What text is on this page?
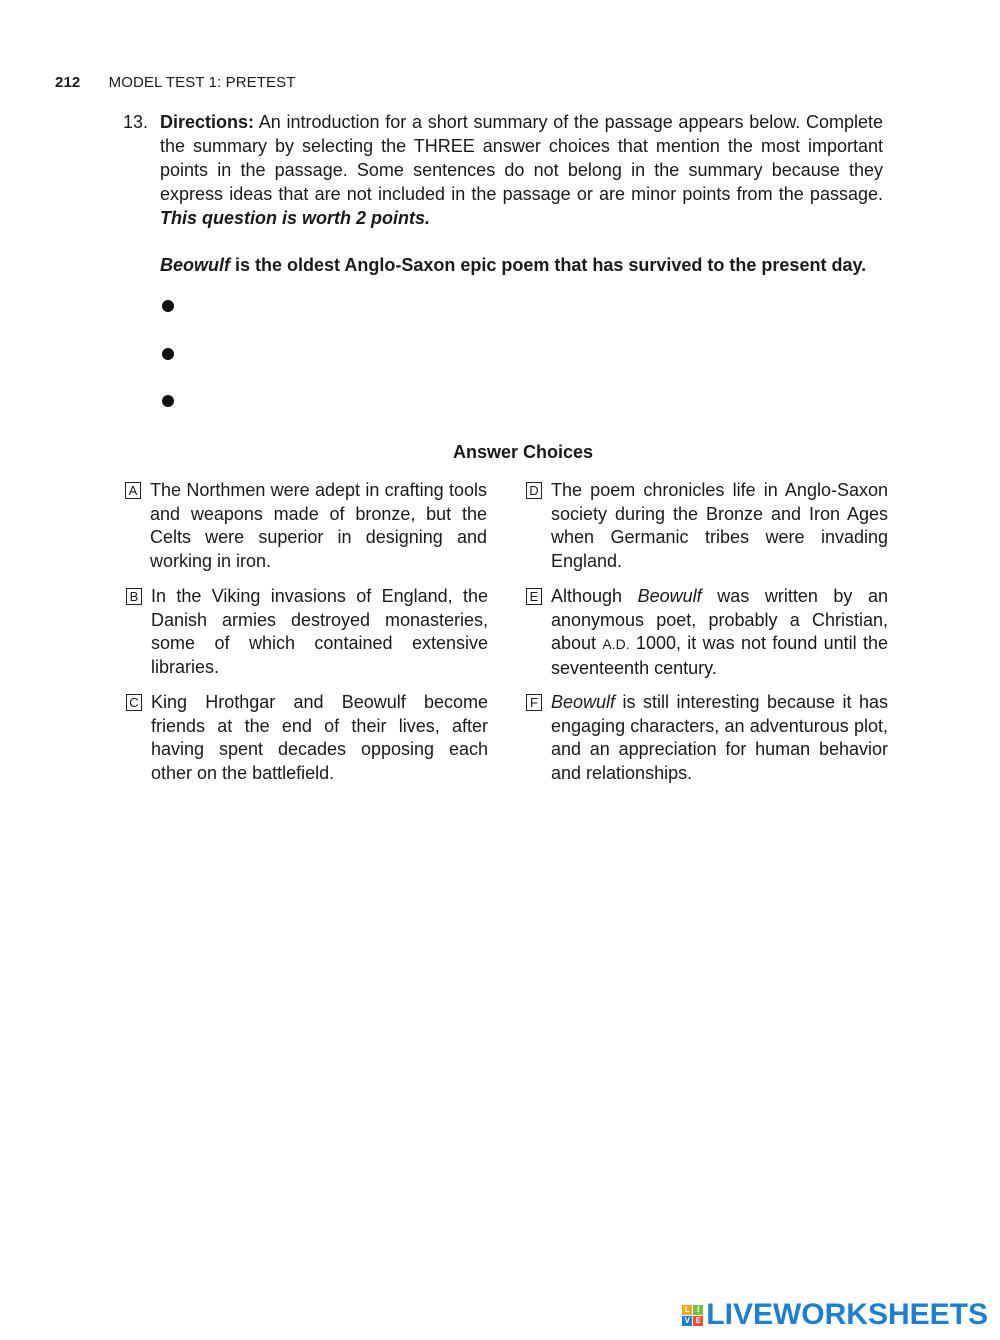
212 MODEL TEST 1: PRETEST
13. Directions: An introduction for a short summary of the passage appears below. Complete the summary by selecting the THREE answer choices that mention the most important points in the passage. Some sentences do not belong in the summary because they express ideas that are not included in the passage or are minor points from the passage. This question is worth 2 points.
Beowulf is the oldest Anglo-Saxon epic poem that has survived to the present day.
Answer Choices
A The Northmen were adept in crafting tools and weapons made of bronze, but the Celts were superior in designing and working in iron.
B In the Viking invasions of England, the Danish armies destroyed monasteries, some of which contained extensive libraries.
C King Hrothgar and Beowulf become friends at the end of their lives, after having spent decades opposing each other on the battlefield.
D The poem chronicles life in Anglo-Saxon society during the Bronze and Iron Ages when Germanic tribes were invading England.
E Although Beowulf was written by an anonymous poet, probably a Christian, about A.D. 1000, it was not found until the seventeenth century.
F Beowulf is still interesting because it has engaging characters, an adventurous plot, and an appreciation for human behavior and relationships.
L I
V E LIVEWORKSHEETS
